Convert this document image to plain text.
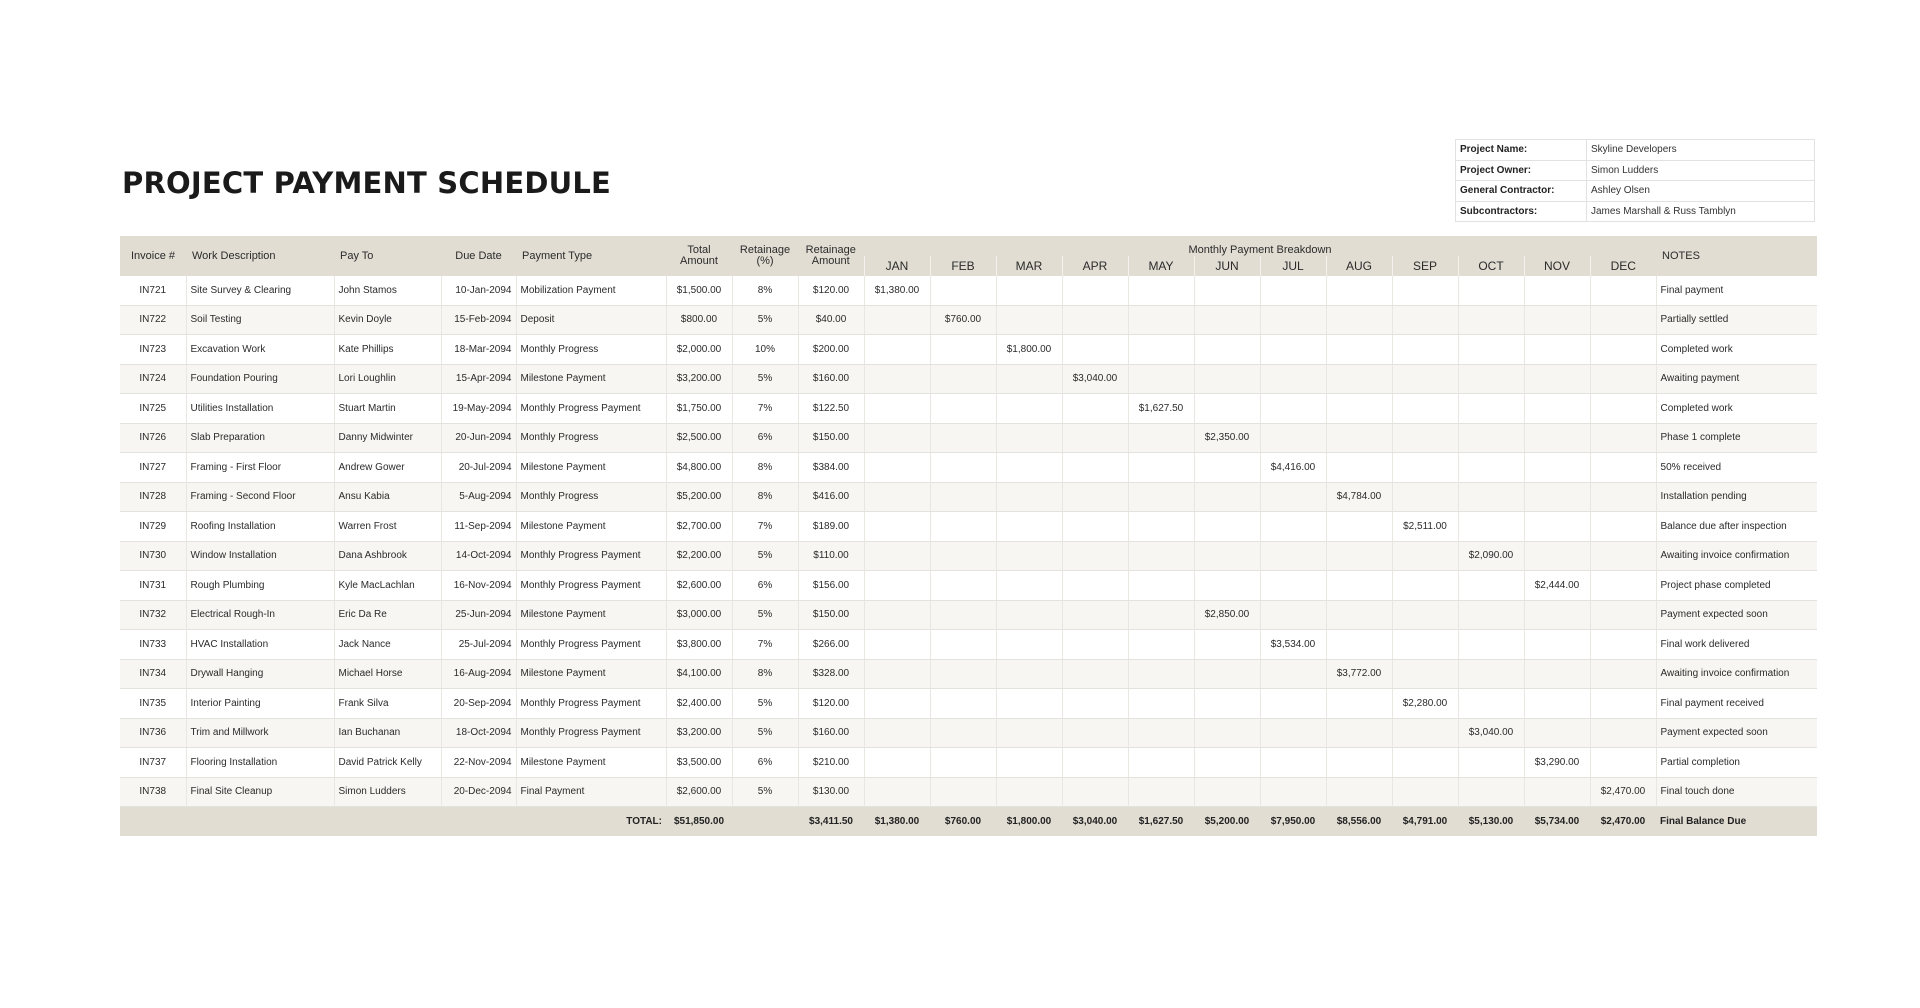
PROJECT PAYMENT SCHEDULE
Project Name:	Skyline Developers
Project Owner:	Simon Ludders
General Contractor:	Ashley Olsen
Subcontractors:	James Marshall & Russ Tamblyn
Invoice #	Work Description	Pay To	Due Date	Payment Type	Total Amount	Retainage (%)	Retainage Amount	Monthly Payment Breakdown												NOTES
								JAN	FEB	MAR	APR	MAY	JUN	JUL	AUG	SEP	OCT	NOV	DEC	
IN721	Site Survey & Clearing	John Stamos	10-Jan-2094	Mobilization Payment	$1,500.00	8%	$120.00	$1,380.00												Final payment
IN722	Soil Testing	Kevin Doyle	15-Feb-2094	Deposit	$800.00	5%	$40.00		$760.00											Partially settled
IN723	Excavation Work	Kate Phillips	18-Mar-2094	Monthly Progress	$2,000.00	10%	$200.00			$1,800.00										Completed work
IN724	Foundation Pouring	Lori Loughlin	15-Apr-2094	Milestone Payment	$3,200.00	5%	$160.00				$3,040.00									Awaiting payment
IN725	Utilities Installation	Stuart Martin	19-May-2094	Monthly Progress Payment	$1,750.00	7%	$122.50					$1,627.50								Completed work
IN726	Slab Preparation	Danny Midwinter	20-Jun-2094	Monthly Progress	$2,500.00	6%	$150.00						$2,350.00							Phase 1 complete
IN727	Framing - First Floor	Andrew Gower	20-Jul-2094	Milestone Payment	$4,800.00	8%	$384.00							$4,416.00						50% received
IN728	Framing - Second Floor	Ansu Kabia	5-Aug-2094	Monthly Progress	$5,200.00	8%	$416.00								$4,784.00					Installation pending
IN729	Roofing Installation	Warren Frost	11-Sep-2094	Milestone Payment	$2,700.00	7%	$189.00									$2,511.00				Balance due after inspection
IN730	Window Installation	Dana Ashbrook	14-Oct-2094	Monthly Progress Payment	$2,200.00	5%	$110.00										$2,090.00			Awaiting invoice confirmation
IN731	Rough Plumbing	Kyle MacLachlan	16-Nov-2094	Monthly Progress Payment	$2,600.00	6%	$156.00											$2,444.00		Project phase completed
IN732	Electrical Rough-In	Eric Da Re	25-Jun-2094	Milestone Payment	$3,000.00	5%	$150.00						$2,850.00							Payment expected soon
IN733	HVAC Installation	Jack Nance	25-Jul-2094	Monthly Progress Payment	$3,800.00	7%	$266.00							$3,534.00						Final work delivered
IN734	Drywall Hanging	Michael Horse	16-Aug-2094	Milestone Payment	$4,100.00	8%	$328.00								$3,772.00					Awaiting invoice confirmation
IN735	Interior Painting	Frank Silva	20-Sep-2094	Monthly Progress Payment	$2,400.00	5%	$120.00									$2,280.00				Final payment received
IN736	Trim and Millwork	Ian Buchanan	18-Oct-2094	Monthly Progress Payment	$3,200.00	5%	$160.00										$3,040.00			Payment expected soon
IN737	Flooring Installation	David Patrick Kelly	22-Nov-2094	Milestone Payment	$3,500.00	6%	$210.00											$3,290.00		Partial completion
IN738	Final Site Cleanup	Simon Ludders	20-Dec-2094	Final Payment	$2,600.00	5%	$130.00												$2,470.00	Final touch done
TOTAL:					$51,850.00		$3,411.50	$1,380.00	$760.00	$1,800.00	$3,040.00	$1,627.50	$5,200.00	$7,950.00	$8,556.00	$4,791.00	$5,130.00	$5,734.00	$2,470.00	Final Balance Due
